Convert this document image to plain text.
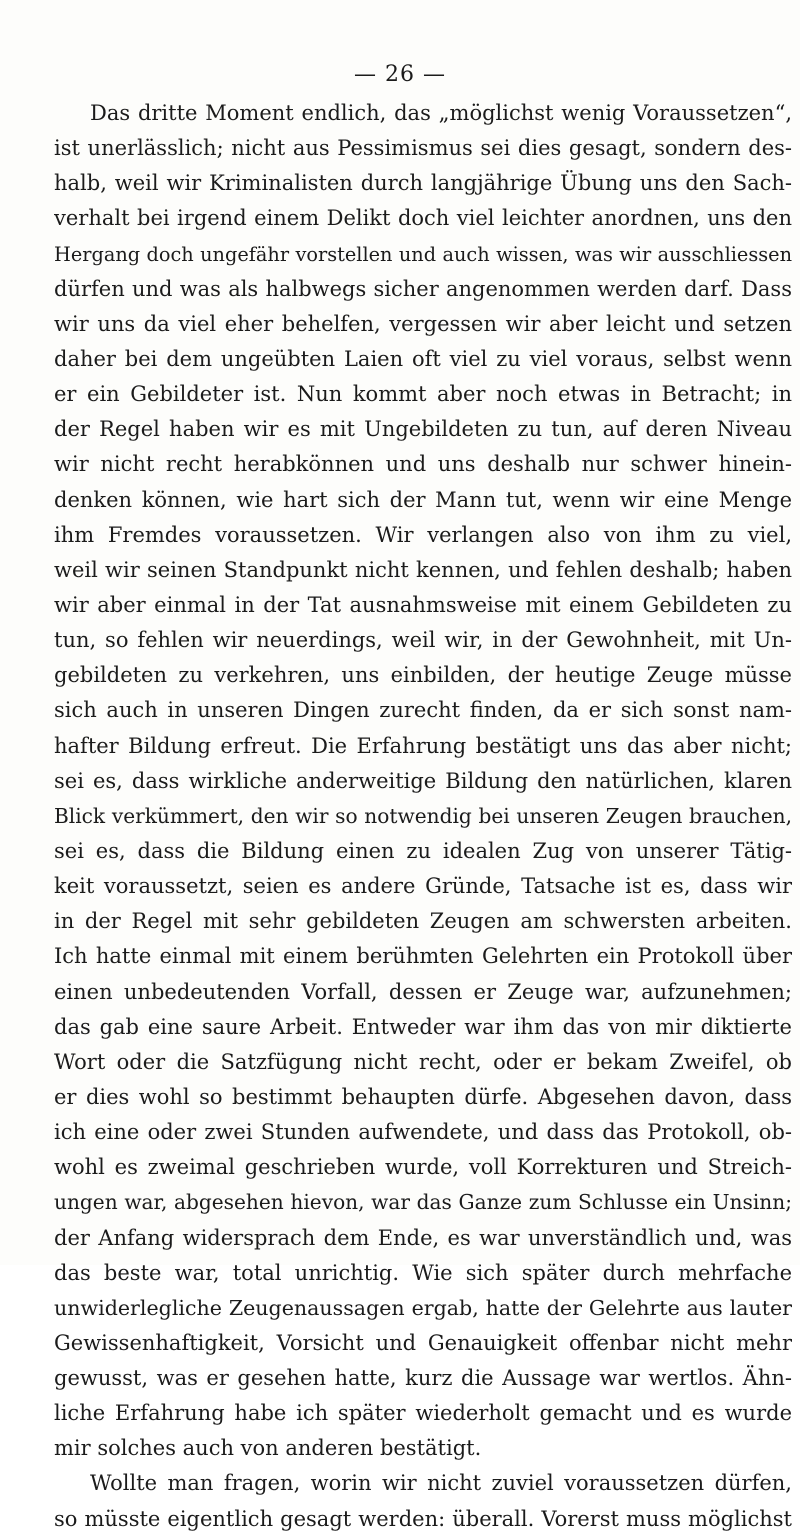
— 26 —
Das dritte Moment endlich, das „möglichst wenig Voraussetzen“,
ist unerlässlich; nicht aus Pessimismus sei dies gesagt, sondern des-
halb, weil wir Kriminalisten durch langjährige Übung uns den Sach-
verhalt bei irgend einem Delikt doch viel leichter anordnen, uns den
Hergang doch ungefähr vorstellen und auch wissen, was wir ausschliessen
dürfen und was als halbwegs sicher angenommen werden darf. Dass
wir uns da viel eher behelfen, vergessen wir aber leicht und setzen
daher bei dem ungeübten Laien oft viel zu viel voraus, selbst wenn
er ein Gebildeter ist. Nun kommt aber noch etwas in Betracht; in
der Regel haben wir es mit Ungebildeten zu tun, auf deren Niveau
wir nicht recht herabkönnen und uns deshalb nur schwer hinein-
denken können, wie hart sich der Mann tut, wenn wir eine Menge
ihm Fremdes voraussetzen. Wir verlangen also von ihm zu viel,
weil wir seinen Standpunkt nicht kennen, und fehlen deshalb; haben
wir aber einmal in der Tat ausnahmsweise mit einem Gebildeten zu
tun, so fehlen wir neuerdings, weil wir, in der Gewohnheit, mit Un-
gebildeten zu verkehren, uns einbilden, der heutige Zeuge müsse
sich auch in unseren Dingen zurecht finden, da er sich sonst nam-
hafter Bildung erfreut. Die Erfahrung bestätigt uns das aber nicht;
sei es, dass wirkliche anderweitige Bildung den natürlichen, klaren
Blick verkümmert, den wir so notwendig bei unseren Zeugen brauchen,
sei es, dass die Bildung einen zu idealen Zug von unserer Tätig-
keit voraussetzt, seien es andere Gründe, Tatsache ist es, dass wir
in der Regel mit sehr gebildeten Zeugen am schwersten arbeiten.
Ich hatte einmal mit einem berühmten Gelehrten ein Protokoll über
einen unbedeutenden Vorfall, dessen er Zeuge war, aufzunehmen;
das gab eine saure Arbeit. Entweder war ihm das von mir diktierte
Wort oder die Satzfügung nicht recht, oder er bekam Zweifel, ob
er dies wohl so bestimmt behaupten dürfe. Abgesehen davon, dass
ich eine oder zwei Stunden aufwendete, und dass das Protokoll, ob-
wohl es zweimal geschrieben wurde, voll Korrekturen und Streich-
ungen war, abgesehen hievon, war das Ganze zum Schlusse ein Unsinn;
der Anfang widersprach dem Ende, es war unverständlich und, was
das beste war, total unrichtig. Wie sich später durch mehrfache
unwiderlegliche Zeugenaussagen ergab, hatte der Gelehrte aus lauter
Gewissenhaftigkeit, Vorsicht und Genauigkeit offenbar nicht mehr
gewusst, was er gesehen hatte, kurz die Aussage war wertlos. Ähn-
liche Erfahrung habe ich später wiederholt gemacht und es wurde
mir solches auch von anderen bestätigt.
Wollte man fragen, worin wir nicht zuviel voraussetzen dürfen,
so müsste eigentlich gesagt werden: überall. Vorerst muss möglichst
